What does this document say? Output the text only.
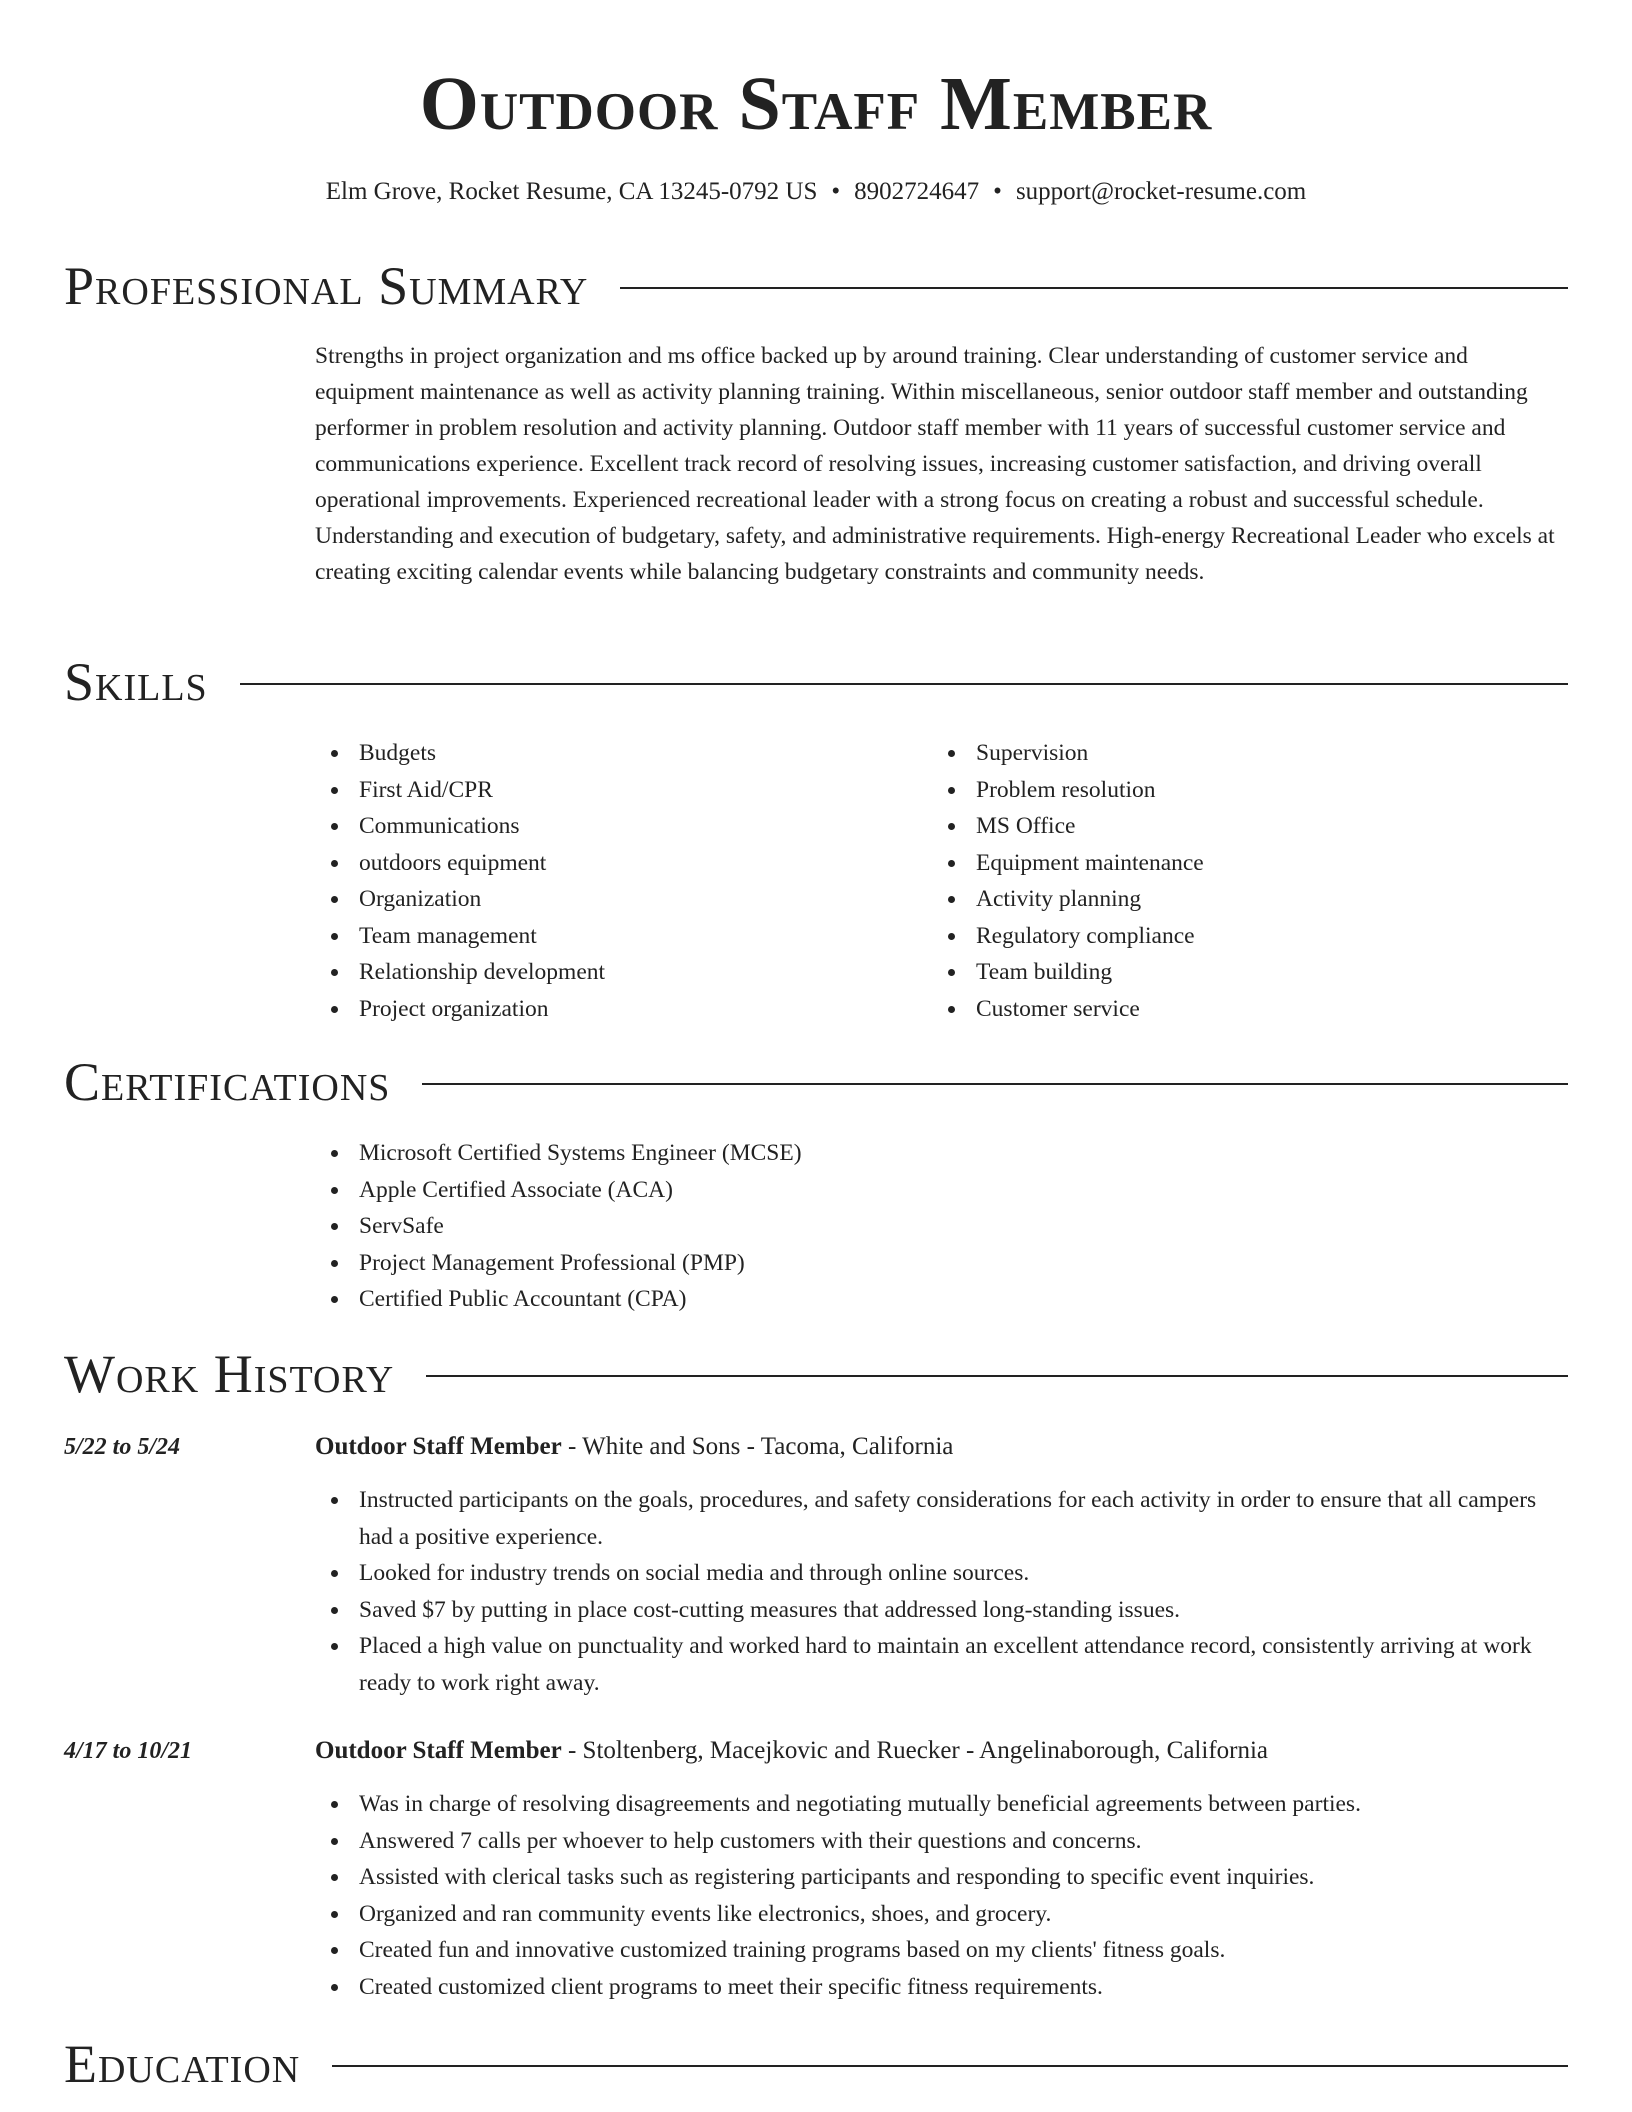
Outdoor Staff Member
Elm Grove, Rocket Resume, CA 13245-0792 US • 8902724647 • support@rocket-resume.com
Professional Summary

Strengths in project organization and ms office backed up by around training. Clear understanding of customer service and equipment maintenance as well as activity planning training. Within miscellaneous, senior outdoor staff member and outstanding performer in problem resolution and activity planning. Outdoor staff member with 11 years of successful customer service and communications experience. Excellent track record of resolving issues, increasing customer satisfaction, and driving overall operational improvements. Experienced recreational leader with a strong focus on creating a robust and successful schedule. Understanding and execution of budgetary, safety, and administrative requirements. High-energy Recreational Leader who excels at creating exciting calendar events while balancing budgetary constraints and community needs.

Skills
Budgets
First Aid/CPR
Communications
outdoors equipment
Organization
Team management
Relationship development
Project organization
Supervision
Problem resolution
MS Office
Equipment maintenance
Activity planning
Regulatory compliance
Team building
Customer service
Certifications
Microsoft Certified Systems Engineer (MCSE)
Apple Certified Associate (ACA)
ServSafe
Project Management Professional (PMP)
Certified Public Accountant (CPA)
Work History
5/22 to 5/24	Outdoor Staff Member - White and Sons - Tacoma, California
Instructed participants on the goals, procedures, and safety considerations for each activity in order to ensure that all campers had a positive experience.
Looked for industry trends on social media and through online sources.
Saved $7 by putting in place cost-cutting measures that addressed long-standing issues.
Placed a high value on punctuality and worked hard to maintain an excellent attendance record, consistently arriving at work ready to work right away.
4/17 to 10/21	Outdoor Staff Member - Stoltenberg, Macejkovic and Ruecker - Angelinaborough, California
Was in charge of resolving disagreements and negotiating mutually beneficial agreements between parties.
Answered 7 calls per whoever to help customers with their questions and concerns.
Assisted with clerical tasks such as registering participants and responding to specific event inquiries.
Organized and ran community events like electronics, shoes, and grocery.
Created fun and innovative customized training programs based on my clients' fitness goals.
Created customized client programs to meet their specific fitness requirements.
Education
